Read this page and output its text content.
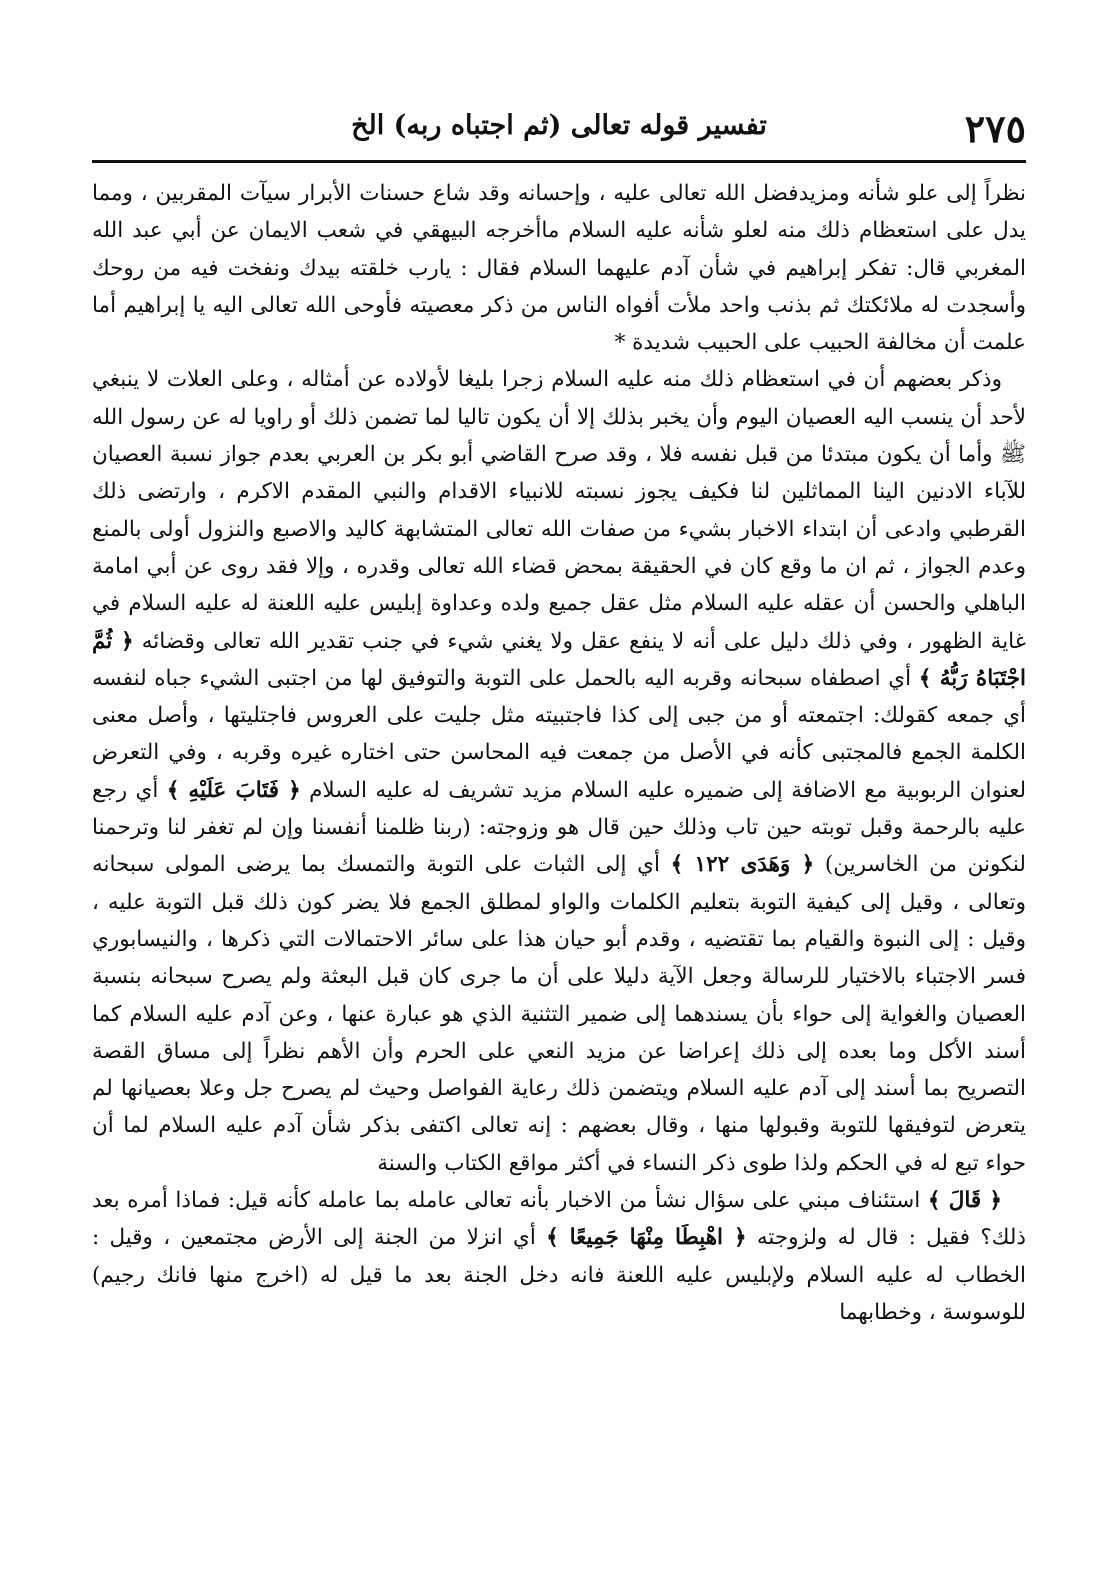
٢٧٥
تفسير قوله تعالى (ثم اجتباه ربه) الخ

نظراً إلى علو شأنه ومزيدفضل الله تعالى عليه ، وإحسانه وقد شاع حسنات الأبرار سيآت المقربين ، ومما يدل على استعظام ذلك منه لعلو شأنه عليه السلام ماأخرجه البيهقي في شعب الايمان عن أبي عبد الله المغربي قال: تفكر إبراهيم في شأن آدم عليهما السلام فقال : يارب خلقته بيدك ونفخت فيه من روحك وأسجدت له ملائكتك ثم بذنب واحد ملأت أفواه الناس من ذكر معصيته فأوحى الله تعالى اليه يا إبراهيم أما علمت أن مخالفة الحبيب على الحبيب شديدة *

وذكر بعضهم أن في استعظام ذلك منه عليه السلام زجرا بليغا لأولاده عن أمثاله ، وعلى العلات لا ينبغي لأحد أن ينسب اليه العصيان اليوم وأن يخبر بذلك إلا أن يكون تاليا لما تضمن ذلك أو راويا له عن رسول الله ﷺ وأما أن يكون مبتدئا من قبل نفسه فلا ، وقد صرح القاضي أبو بكر بن العربي بعدم جواز نسبة العصيان للآباء الادنين الينا المماثلين لنا فكيف يجوز نسبته للانبياء الاقدام والنبي المقدم الاكرم ، وارتضى ذلك القرطبي وادعى أن ابتداء الاخبار بشيء من صفات الله تعالى المتشابهة كاليد والاصبع والنزول أولى بالمنع وعدم الجواز ، ثم ان ما وقع كان في الحقيقة بمحض قضاء الله تعالى وقدره ، وإلا فقد روى عن أبي امامة الباهلي والحسن أن عقله عليه السلام مثل عقل جميع ولده وعداوة إبليس عليه اللعنة له عليه السلام في غاية الظهور ، وفي ذلك دليل على أنه لا ينفع عقل ولا يغني شيء في جنب تقدير الله تعالى وقضائه ﴿ ثُمَّ اجْتَبَاهُ رَبُّهُ ﴾ أي اصطفاه سبحانه وقربه اليه بالحمل على التوبة والتوفيق لها من اجتبى الشيء جباه لنفسه أي جمعه كقولك: اجتمعته أو من جبى إلى كذا فاجتبيته مثل جليت على العروس فاجتليتها ، وأصل معنى الكلمة الجمع فالمجتبى كأنه في الأصل من جمعت فيه المحاسن حتى اختاره غيره وقربه ، وفي التعرض لعنوان الربوبية مع الاضافة إلى ضميره عليه السلام مزيد تشريف له عليه السلام ﴿ فَتَابَ عَلَيْهِ ﴾ أي رجع عليه بالرحمة وقبل توبته حين تاب وذلك حين قال هو وزوجته: (ربنا ظلمنا أنفسنا وإن لم تغفر لنا وترحمنا لنكونن من الخاسرين) ﴿ وَهَدَى ١٢٢ ﴾ أي إلى الثبات على التوبة والتمسك بما يرضى المولى سبحانه وتعالى ، وقيل إلى كيفية التوبة بتعليم الكلمات والواو لمطلق الجمع فلا يضر كون ذلك قبل التوبة عليه ، وقيل : إلى النبوة والقيام بما تقتضيه ، وقدم أبو حيان هذا على سائر الاحتمالات التي ذكرها ، والنيسابوري فسر الاجتباء بالاختيار للرسالة وجعل الآية دليلا على أن ما جرى كان قبل البعثة ولم يصرح سبحانه بنسبة العصيان والغواية إلى حواء بأن يسندهما إلى ضمير التثنية الذي هو عبارة عنها ، وعن آدم عليه السلام كما أسند الأكل وما بعده إلى ذلك إعراضا عن مزيد النعي على الحرم وأن الأهم نظراً إلى مساق القصة التصريح بما أسند إلى آدم عليه السلام ويتضمن ذلك رعاية الفواصل وحيث لم يصرح جل وعلا بعصيانها لم يتعرض لتوفيقها للتوبة وقبولها منها ، وقال بعضهم : إنه تعالى اكتفى بذكر شأن آدم عليه السلام لما أن حواء تبع له في الحكم ولذا طوى ذكر النساء في أكثر مواقع الكتاب والسنة

﴿ قَالَ ﴾ استئناف مبني على سؤال نشأ من الاخبار بأنه تعالى عامله بما عامله كأنه قيل: فماذا أمره بعد ذلك؟ فقيل : قال له ولزوجته ﴿ اهْبِطَا مِنْهَا جَمِيعًا ﴾ أي انزلا من الجنة إلى الأرض مجتمعين ، وقيل : الخطاب له عليه السلام ولإبليس عليه اللعنة فانه دخل الجنة بعد ما قيل له (اخرج منها فانك رجيم) للوسوسة ، وخطابهما
